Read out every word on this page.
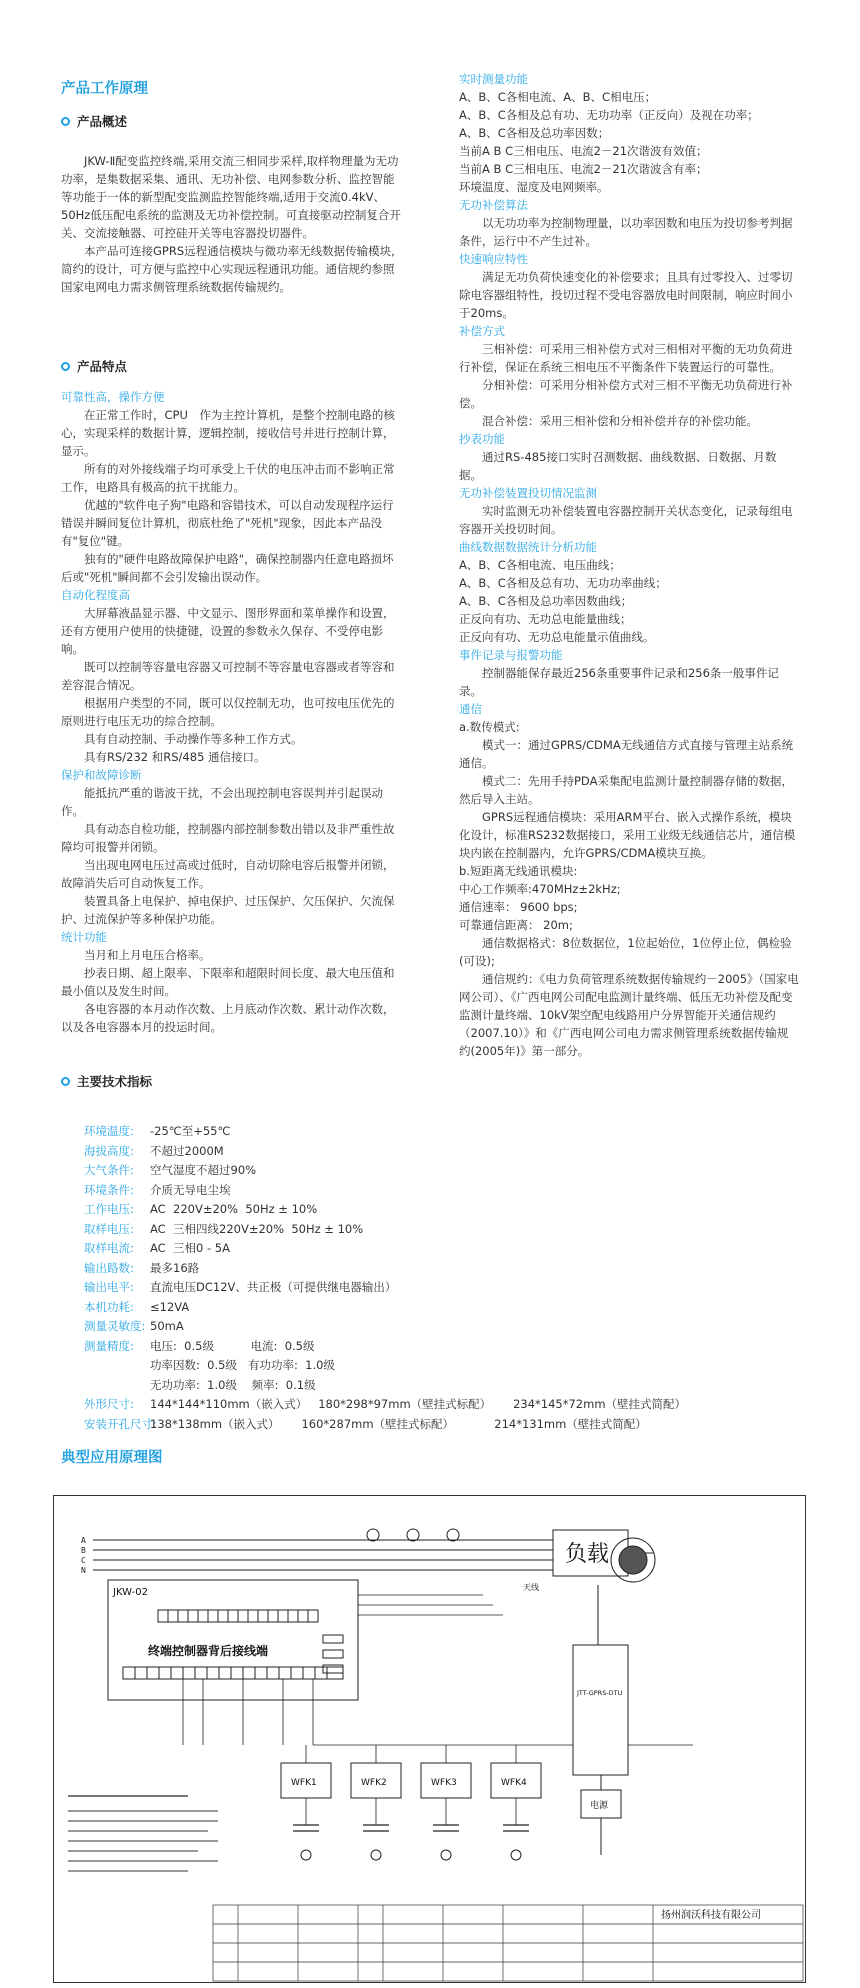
产品工作原理
产品概述

JKW-Ⅱ配变监控终端,采用交流三相同步采样,取样物理量为无功功率，是集数据采集、通讯、无功补偿、电网参数分析、监控智能等功能于一体的新型配变监测监控智能终端,适用于交流0.4kV、50Hz低压配电系统的监测及无功补偿控制。可直接驱动控制复合开关、交流接触器、可控硅开关等电容器投切器件。

本产品可连接GPRS远程通信模块与微功率无线数据传输模块,简约的设计，可方便与监控中心实现远程通讯功能。通信规约参照国家电网电力需求侧管理系统数据传输规约。

产品特点

可靠性高，操作方便

在正常工作时，CPU　作为主控计算机，是整个控制电路的核心，实现采样的数据计算，逻辑控制，接收信号并进行控制计算，显示。

所有的对外接线端子均可承受上千伏的电压冲击而不影响正常工作，电路具有极高的抗干扰能力。

优越的"软件电子狗"电路和容错技术，可以自动发现程序运行错误并瞬间复位计算机，彻底杜绝了"死机"现象，因此本产品没有"复位"键。

独有的"硬件电路故障保护电路"，确保控制器内任意电路损坏后或"死机"瞬间都不会引发输出误动作。

自动化程度高

大屏幕液晶显示器、中文显示、图形界面和菜单操作和设置，还有方便用户使用的快捷键，设置的参数永久保存、不受停电影响。

既可以控制等容量电容器又可控制不等容量电容器或者等容和差容混合情况。

根据用户类型的不同，既可以仅控制无功，也可按电压优先的原则进行电压无功的综合控制。

具有自动控制、手动操作等多种工作方式。

具有RS/232 和RS/485 通信接口。

保护和故障诊断

能抵抗严重的谐波干扰，不会出现控制电容误判并引起误动作。

具有动态自检功能，控制器内部控制参数出错以及非严重性故障均可报警并闭锁。

当出现电网电压过高或过低时，自动切除电容后报警并闭锁，故障消失后可自动恢复工作。

装置具备上电保护、掉电保护、过压保护、欠压保护、欠流保护、过流保护等多种保护功能。

统计功能

当月和上月电压合格率。

抄表日期、超上限率、下限率和超限时间长度、最大电压值和最小值以及发生时间。

各电容器的本月动作次数、上月底动作次数、累计动作次数，以及各电容器本月的投运时间。

实时测量功能

A、B、C各相电流、A、B、C相电压；

A、B、C各相及总有功、无功功率（正反向）及视在功率；

A、B、C各相及总功率因数；

当前A B C三相电压、电流2－21次谐波有效值；

当前A B C三相电压、电流2－21次谐波含有率；

环境温度、湿度及电网频率。

无功补偿算法

以无功功率为控制物理量，以功率因数和电压为投切参考判据条件，运行中不产生过补。

快速响应特性

满足无功负荷快速变化的补偿要求；且具有过零投入、过零切除电容器组特性，投切过程不受电容器放电时间限制，响应时间小于20ms。

补偿方式

三相补偿：可采用三相补偿方式对三相相对平衡的无功负荷进行补偿，保证在系统三相电压不平衡条件下装置运行的可靠性。

分相补偿：可采用分相补偿方式对三相不平衡无功负荷进行补偿。

混合补偿：采用三相补偿和分相补偿并存的补偿功能。

抄表功能

通过RS-485接口实时召测数据、曲线数据、日数据、月数据。

无功补偿装置投切情况监测

实时监测无功补偿装置电容器控制开关状态变化，记录每组电容器开关投切时间。

曲线数据数据统计分析功能

A、B、C各相电流、电压曲线；

A、B、C各相及总有功、无功功率曲线；

A、B、C各相及总功率因数曲线；

正反向有功、无功总电能量曲线；

正反向有功、无功总电能量示值曲线。

事件记录与报警功能

控制器能保存最近256条重要事件记录和256条一般事件记录。

通信

a.数传模式:

模式一：通过GPRS/CDMA无线通信方式直接与管理主站系统通信。

模式二：先用手持PDA采集配电监测计量控制器存储的数据，然后导入主站。

GPRS远程通信模块：采用ARM平台、嵌入式操作系统，模块化设计，标准RS232数据接口，采用工业级无线通信芯片，通信模块内嵌在控制器内，允许GPRS/CDMA模块互换。

b.短距离无线通讯模块:

中心工作频率:470MHz±2kHz;

通信速率： 9600 bps;

可靠通信距离： 20m;

通信数据格式：8位数据位，1位起始位，1位停止位，偶检验(可设);

通信规约：《电力负荷管理系统数据传输规约－2005》（国家电网公司）、《广西电网公司配电监测计量终端、低压无功补偿及配变监测计量终端、10kV架空配电线路用户分界智能开关通信规约（2007.10）》和《广西电网公司电力需求侧管理系统数据传输规约(2005年)》第一部分。

主要技术指标
环境温度:	-25℃至+55℃
海拔高度:	不超过2000M
大气条件:	空气湿度不超过90%
环境条件:	介质无导电尘埃
工作电压:	AC  220V±20%  50Hz ± 10%
取样电压:	AC  三相四线220V±20%  50Hz ± 10%
取样电流:	AC  三相0 - 5A
输出路数:	最多16路
输出电平:	直流电压DC12V、共正极（可提供继电器输出）
本机功耗:	≤12VA
测量灵敏度: 50mA
测量精度:	电压:  0.5级          电流:  0.5级
功率因数:  0.5级   有功功率:  1.0级
无功功率:  1.0级    频率:  0.1级
外形尺寸:	144*144*110mm（嵌入式）   180*298*97mm（壁挂式标配）      234*145*72mm（壁挂式简配）
安装开孔尺寸:
138*138mm（嵌入式）      160*287mm（壁挂式标配）           214*131mm（壁挂式简配）
典型应用原理图
A
B
C
N
负载
JKW-02
终端控制器背后接线端
WFK1	WFK2	WFK3	WFK4
天线
JTT-GPRS-DTU
电源
扬州润沃科技有限公司
